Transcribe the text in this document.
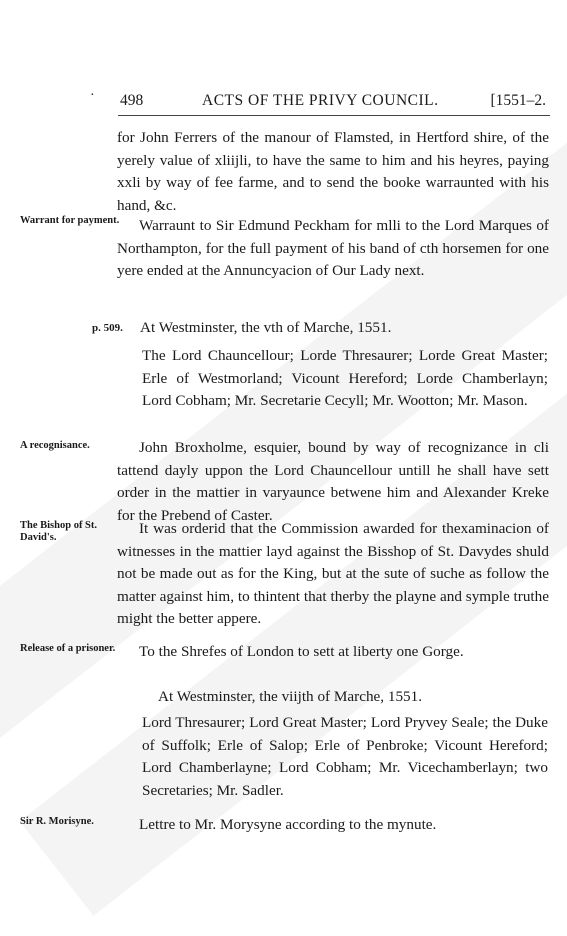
· 498	ACTS OF THE PRIVY COUNCIL.	[1551–2.

for John Ferrers of the manour of Flamsted, in Hertford shire, of the yerely value of xliijli, to have the same to him and his heyres, paying xxli by way of fee farme, and to send the booke warraunted with his hand, &c.

Warrant for payment.	Warraunt to Sir Edmund Peckham for mlli to the Lord Marques of Northampton, for the full payment of his band of cth horsemen for one yere ended at the Annuncyacion of Our Lady next.

p. 509. At Westminster, the vth of Marche, 1551.

The Lord Chauncellour; Lorde Thresaurer; Lorde Great Master; Erle of Westmorland; Vicount Hereford; Lorde Chamberlayn; Lord Cobham; Mr. Secretarie Cecyll; Mr. Wootton; Mr. Mason.

A recognisance.	John Broxholme, esquier, bound by way of recognizance in cli tattend dayly uppon the Lord Chauncellour untill he shall have sett order in the mattier in varyaunce betwene him and Alexander Kreke for the Prebend of Caster.

The Bishop of St. David's.

It was orderid that the Commission awarded for thexaminacion of witnesses in the mattier layd against the Bisshop of St. Davydes shuld not be made out as for the King, but at the sute of suche as follow the matter against him, to thintent that therby the playne and symple truthe might the better appere.

Release of a prisoner.	To the Shrefes of London to sett at liberty one Gorge.

At Westminster, the viijth of Marche, 1551.

Lord Thresaurer; Lord Great Master; Lord Pryvey Seale; the Duke of Suffolk; Erle of Salop; Erle of Penbroke; Vicount Hereford; Lord Chamberlayne; Lord Cobham; Mr. Vicechamberlayn; two Secretaries; Mr. Sadler.

Sir R. Morisyne.	Lettre to Mr. Morysyne according to the mynute.
